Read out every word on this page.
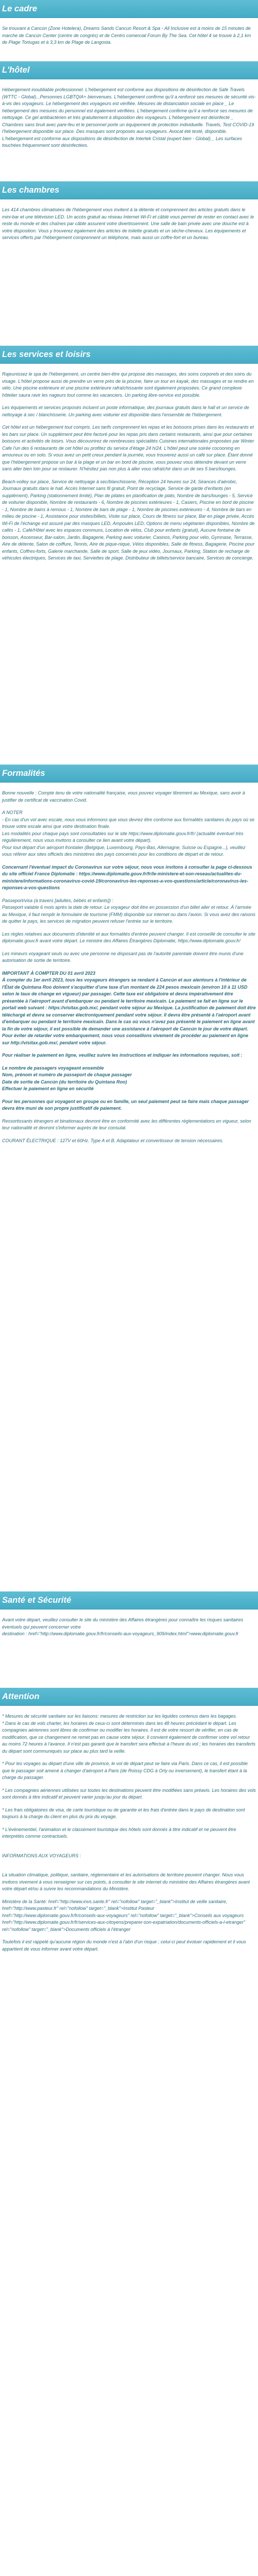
Le cadre

Se trouvant à Cancún (Zone Hotelera), Dreams Sands Cancun Resort & Spa - All Inclusive est à moins de 15 minutes de marche de Cancún Center (centre de congrès) et de Centro comercial Forum By The Sea. Cet hôtel 4 se trouve à 2,1 km de Plage Tortugas et à 3,3 km de Plage de Langosta.

L'hôtel

Hébergement inoubliable professionnel. L'hébergement est conforme aux dispositions de désinfection de Safe Travels (WTTC - Global)._Personnes LGBTQIA+ bienvenues. L'hébergement confirme qu'il a renforcé ses mesures de sécurité vis-à-vis des voyageurs. Le hébergement des voyageurs est vérifiée. Mesures de distanciation sociale en place _ Le hébergement des mesures du personnel est également vérifiées. L'hébergement confirme qu'il a renforcé ses mesures de nettoyage. Ce gel antibactérien et très gratuitement à disposition des voyageurs. L'hébergement est désinfecté _ Chambres sans bruit avec pare-feu et le personnel porte un équipement de protection individuelle. Travels, Test COVID-19 l'hébergement disponible sur place. Des masques sont proposés aux voyageurs. Avocat été testé, disponible. L'hébergement est conforme aux dispositions de désinfection de Intertek Cristal (expert bien - Global)._ Les surfaces touchées fréquemment sont désinfectées.

Les chambres

Les 414 chambres climatisées de l'hébergement vous invitent à la détente et comprennent des articles gratuits dans le mini-bar et une télévision LED. Un accès gratuit au réseau Internet Wi-Fi et câblé vous permet de rester en contact avec le reste du monde et des chaînes par câble assurent votre divertissement. Une salle de bain privée avec une douche est à votre disposition. Vous y trouverez également des articles de toilette gratuits et un sèche-cheveux. Les équipements et services offerts par l'hébergement comprennent un téléphone, mais aussi un coffre-fort et un bureau.

Les services et loisirs

Rajeunissez le spa de l'hébergement, un centre bien-être qui propose des massages, des soins corporels et des soins du visage. L'hôtel propose aussi de prendre un verre près de la piscine, faire un tour en kayak, des massages et se rendre en vélo. Une piscine extérieure et une piscine extérieure rafraîchissante sont également proposées. Ce grand complexe hôtelier saura ravir les nageurs tout comme les vacanciers. Un parking libre-service est possible.

Les équipements et services proposés incluent un poste informatique, des journaux gratuits dans le hall et un service de nettoyage à sec / blanchisserie. Un parking avec voiturier est disponible dans l'ensemble de l'hébergement.

Cet hôtel est un hébergement tout compris. Les tarifs comprennent les repas et les boissons prises dans les restaurants et les bars sur place. Un supplément peut être facturé pour les repas pris dans certains restaurants, ainsi que pour certaines boissons et activités de loisirs. Vous découvrirez de nombreuses spécialités Cuisines internationales proposées par Winter Cafe l'un des 6 restaurants de cet hôtel ou profitez du service d'étage 24 h/24. L'hôtel peut une soirée cocooning en amoureux ou en solo. Si vous avez un petit creux pendant la journée, vous trouverez aussi un café sur place. Étant donné que l'hébergement propose un bar à la plage et un bar en bord de piscine, vous pouvez vous détendre devant un verre sans aller bien loin pour se restaurer. N'hésitez pas non plus à aller vous rafraîchir dans un de ses 5 bars/lounges.

Beach-volley sur place, Service de nettoyage à sec/blanchisserie, Réception 24 heures sur 24, Séances d'aérobic, Journaux gratuits dans le hall. Accès Internet sans fil gratuit, Point de recyclage, Service de garde d'enfants (en supplément), Parking (stationnement limité), Plan de pilates en planification de plats, Nombre de bars/lounges - 5, Service de voiturier disponible, Nombre de restaurants - 6, Nombre de piscines extérieures - 1, Casiers, Piscine en bord de piscine - 1, Nombre de bains à remous - 1, Nombre de bars de plage - 1, Nombre de piscines extérieures - 4, Nombre de bars en milieu de piscine - 1, Assistance pour visites/billets, Visite sur place, Cours de fitness sur place, Bar en plage privée, Accès Wi-Fi de l'échange est assuré par des masques LED, Ampoules LED, Options de menu végétarien disponibles, Nombre de cafés - 1, Café/Hôtel avec les espaces communs, Location de vélos, Club pour enfants (gratuit), Aucune fontaine de boisson, Ascenseur, Bar-salon, Jardin, Bagagerie, Parking avec voiturier, Casinos, Parking pour vélo, Gymnase, Terrasse, Aire de détente, Salon de coiffure, Tennis, Aire de pique-nique, Vélos disponibles, Salle de fitness, Bagagerie, Piscine pour enfants, Coffres-forts, Galerie marchande, Salle de sport, Salle de jeux vidéo, Journaux, Parking, Station de recharge de véhicules électriques, Services de taxi, Serviettes de plage. Distributeur de billets/service bancaire, Services de concierge.

Formalités

Bonne nouvelle : Compte tenu de votre nationalité française, vous pouvez voyager librement au Mexique, sans avoir à justifier de certificat de vaccination Covid.

A NOTER
- En cas d'un vol avec escale, nous vous informons que vous devrez être conforme aux formalités sanitaires du pays où se trouve votre escale ainsi que votre destination finale.
Les modalités pour chaque pays sont consultables sur le site https://www.diplomatie.gouv.fr/fr/ (actualité éventuel très régulièrement, nous vous invitons à consulter ce lien avant votre départ).
Pour tout départ d'un aéroport frontalier (Belgique, Luxembourg, Pays-Bas, Allemagne, Suisse ou Espagne...), veuillez vous référer aux sites officiels des ministères des pays concernés pour les conditions de départ et de retour.

Concernant l'éventuel impact du Coronavirus sur votre séjour, nous vous invitons à consulter la page ci-dessous du site officiel France Diplomatie : https://www.diplomatie.gouv.fr/fr/le-ministere-et-son-reseau/actualites-du-ministere/informations-coronavirus-covid-19/coronavirus-les-reponses-a-vos-questions/article/coronavirus-les-reponses-a-vos-questions

Passeport/visa (à travers [adultes, bébés et enfants]) :
Passeport valable 6 mois après la date de retour. Le voyageur doit être en possession d'un billet aller et retour. À l'arrivée au Mexique, il faut remplir le formulaire de tourisme (FMM) disponible sur internet ou dans l'avion. Si vous avez des raisons de quitter le pays, les services de migration peuvent refuser l'entrée sur le territoire.

Les règles relatives aux documents d'identité et aux formalités d'entrée peuvent changer. Il est conseillé de consulter le site diplomatie.gouv.fr avant votre départ. Le ministre des Affaires Étrangères Diplomatie, https://www.diplomatie.gouv.fr/

Les mineurs voyageant seuls ou avec une personne ne disposant pas de l'autorité parentale doivent être munis d'une autorisation de sortie de territoire.

IMPORTANT À COMPTER DU 01 avril 2023
À compter du 1er avril 2023, tous les voyageurs étrangers se rendant à Cancún et aux alentours à l'intérieur de l'État de Quintana Roo doivent s'acquitter d'une taxe d'un montant de 224 pesos mexicain (environ 10 à 11 USD selon le taux de change en vigueur) par passager. Cette taxe est obligatoire et devra impérativement être présentée à l'aéroport avant d'embarquer ou pendant le territoire mexicain. Le paiement se fait en ligne sur le portail web suivant : https://visitax.gob.mx/, pendant votre séjour au Mexique. La justification de paiement doit être téléchargé et devra se conserver électroniquement pendant votre séjour. Il devra être présenté à l'aéroport avant d'embarquer ou pendant le territoire mexicain. Dans le cas où vous n'avez pas présenté le paiement en ligne avant la fin de votre séjour, il est possible de demander une assistance à l'aéroport de Cancún le jour de votre départ. Pour éviter de retarder votre embarquement, nous vous conseillons vivement de procéder au paiement en ligne sur http://visitax.gob.mx/, pendant votre séjour.

Pour réaliser le paiement en ligne, veuillez suivre les instructions et indiquer les informations requises, soit :

Le nombre de passagers voyageant ensemble
Nom, prénom et numéro de passeport de chaque passager
Date de sortie de Cancún (du territoire du Quintana Roo)
Effectuer le paiement en ligne en sécurité

Pour les personnes qui voyagent en groupe ou en famille, un seul paiement peut se faire mais chaque passager devra être muni de son propre justificatif de paiement.

Ressortissants étrangers et binationaux devront être en conformité avec les différentes réglementations en vigueur, selon leur nationalité et devront s'informer auprès de leur consulat.

COURANT ÉLECTRIQUE : 127V et 60Hz. Type A et B. Adaptateur et convertisseur de tension nécessaires.

Santé et Sécurité

Avant votre départ, veuillez consulter le site du ministère des Affaires étrangères pour connaître les risques sanitaires éventuels qui peuvent concerner votre
destination : href="http://www.diplomatie.gouv.fr/fr/conseils-aux-voyageurs_909/index.html">www.diplomatie.gouv.fr

Attention

* Mesures de sécurité sanitaire sur les liaisons: mesures de restriction sur les liquides contenus dans les bagages.
* Dans le cas de vols charter, les horaires de ceux-ci sont déterminés dans les 48 heures précédant le départ. Les compagnies aériennes sont libres de confirmer ou modifier les horaires. Il est de votre ressort de vérifier, en cas de modification, que ce changement ne remet pas en cause votre séjour. Il convient également de confirmer votre vol retour au moins 72 heures à l'avance. Il n'est pas garanti que le transfert sera effectué à l'heure du vol ; les horaires des transferts du départ sont communiqués sur place au plus tard la veille.

* Pour les voyages au départ d'une ville de province, le vol de départ peut se faire via Paris. Dans ce cas, il est possible que le passager soit amené à changer d'aéroport à Paris (de Roissy CDG à Orly ou inversement), le transfert étant à la charge du passager.

* Les compagnies aériennes utilisées sur toutes les destinations peuvent être modifiées sans préavis. Les horaires des vols sont donnés à titre indicatif et peuvent varier jusqu'au jour du départ.

* Les frais obligatoires de visa, de carte touristique ou de garantie et les frais d'entrée dans le pays de destination sont toujours à la charge du client en plus du prix du voyage.

* L'événementiel, l'animation et le classement touristique des hôtels sont donnés à titre indicatif et ne peuvent être interprétés comme contractuels.

INFORMATIONS AUX VOYAGEURS :

La situation climatique, politique, sanitaire, réglementaire et les autorisations de territoire peuvent changer. Nous vous invitons vivement à vous renseigner sur ces points, à consulter le site internet du ministère des Affaires étrangères avant votre départ et/ou à suivre les recommandations du Ministère.

Ministère de la Santé: href="http://www.invs.sante.fr" rel="nofollow" target="_blank">Institut de veille sanitaire,
href="http://www.pasteur.fr" rel="nofollow" target="_blank">Institut Pasteur
href="http://www.diplomatie.gouv.fr/fr/conseils-aux-voyageurs" rel="nofollow" target="_blank">Conseils aux voyageurs
href="http://www.diplomatie.gouv.fr/fr/services-aux-citoyens/preparer-son-expatriation/documents-officiels-a-l-etranger" rel="nofollow" target="_blank">Documents officiels à l'étranger

Toutefois il est rappelé qu'aucune région du monde n'est à l'abri d'un risque ; celui-ci peut évoluer rapidement et il vous appartient de vous informer avant votre départ.
